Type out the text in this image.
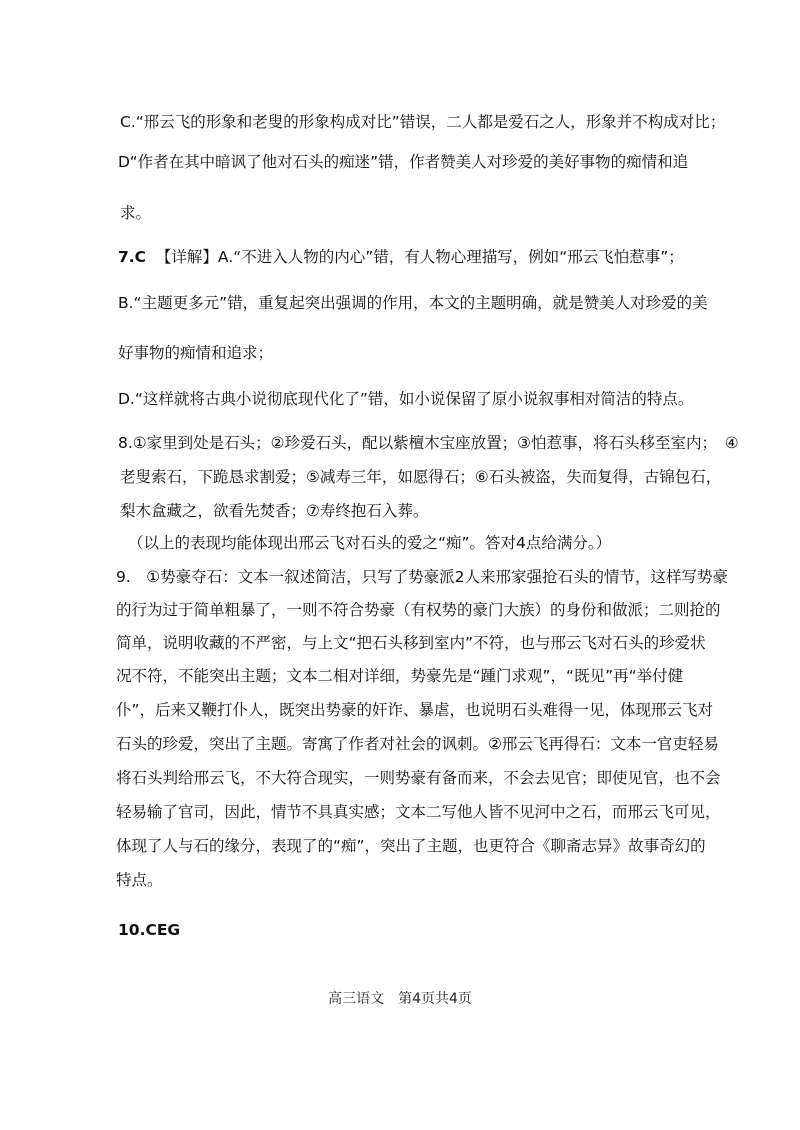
C.“邢云飞的形象和老叟的形象构成对比”错误，二人都是爱石之人，形象并不构成对比；
D“作者在其中暗讽了他对石头的痴迷”错，作者赞美人对珍爱的美好事物的痴情和追
求。
7.C 【详解】A.“不进入人物的内心”错，有人物心理描写，例如“邢云飞怕惹事”；
B.“主题更多元”错，重复起突出强调的作用，本文的主题明确，就是赞美人对珍爱的美
好事物的痴情和追求；
D.“这样就将古典小说彻底现代化了”错，如小说保留了原小说叙事相对简洁的特点。
8.①家里到处是石头；②珍爱石头，配以紫檀木宝座放置；③怕惹事，将石头移至室内；　④
老叟索石，下跪恳求割爱；⑤减寿三年，如愿得石；⑥石头被盗，失而复得，古锦包石，
梨木盒藏之，欲看先焚香；⑦寿终抱石入葬。
（以上的表现均能体现出邢云飞对石头的爱之“痴”。答对4点给满分。）
9.　①势豪夺石：文本一叙述简洁，只写了势豪派2人来邢家强抢石头的情节，这样写势豪
的行为过于简单粗暴了，一则不符合势豪（有权势的豪门大族）的身份和做派；二则抢的
简单，说明收藏的不严密，与上文“把石头移到室内”不符，也与邢云飞对石头的珍爱状
况不符，不能突出主题；文本二相对详细，势豪先是“踵门求观”，“既见”再“举付健
仆”，后来又鞭打仆人，既突出势豪的奸诈、暴虐，也说明石头难得一见，体现邢云飞对
石头的珍爱，突出了主题。寄寓了作者对社会的讽刺。②邢云飞再得石：文本一官吏轻易
将石头判给邢云飞，不大符合现实，一则势豪有备而来，不会去见官；即使见官，也不会
轻易输了官司，因此，情节不具真实感；文本二写他人皆不见河中之石，而邢云飞可见，
体现了人与石的缘分，表现了的“痴”，突出了主题，也更符合《聊斋志异》故事奇幻的
特点。
10.CEG
高三语文　第4页共4页
